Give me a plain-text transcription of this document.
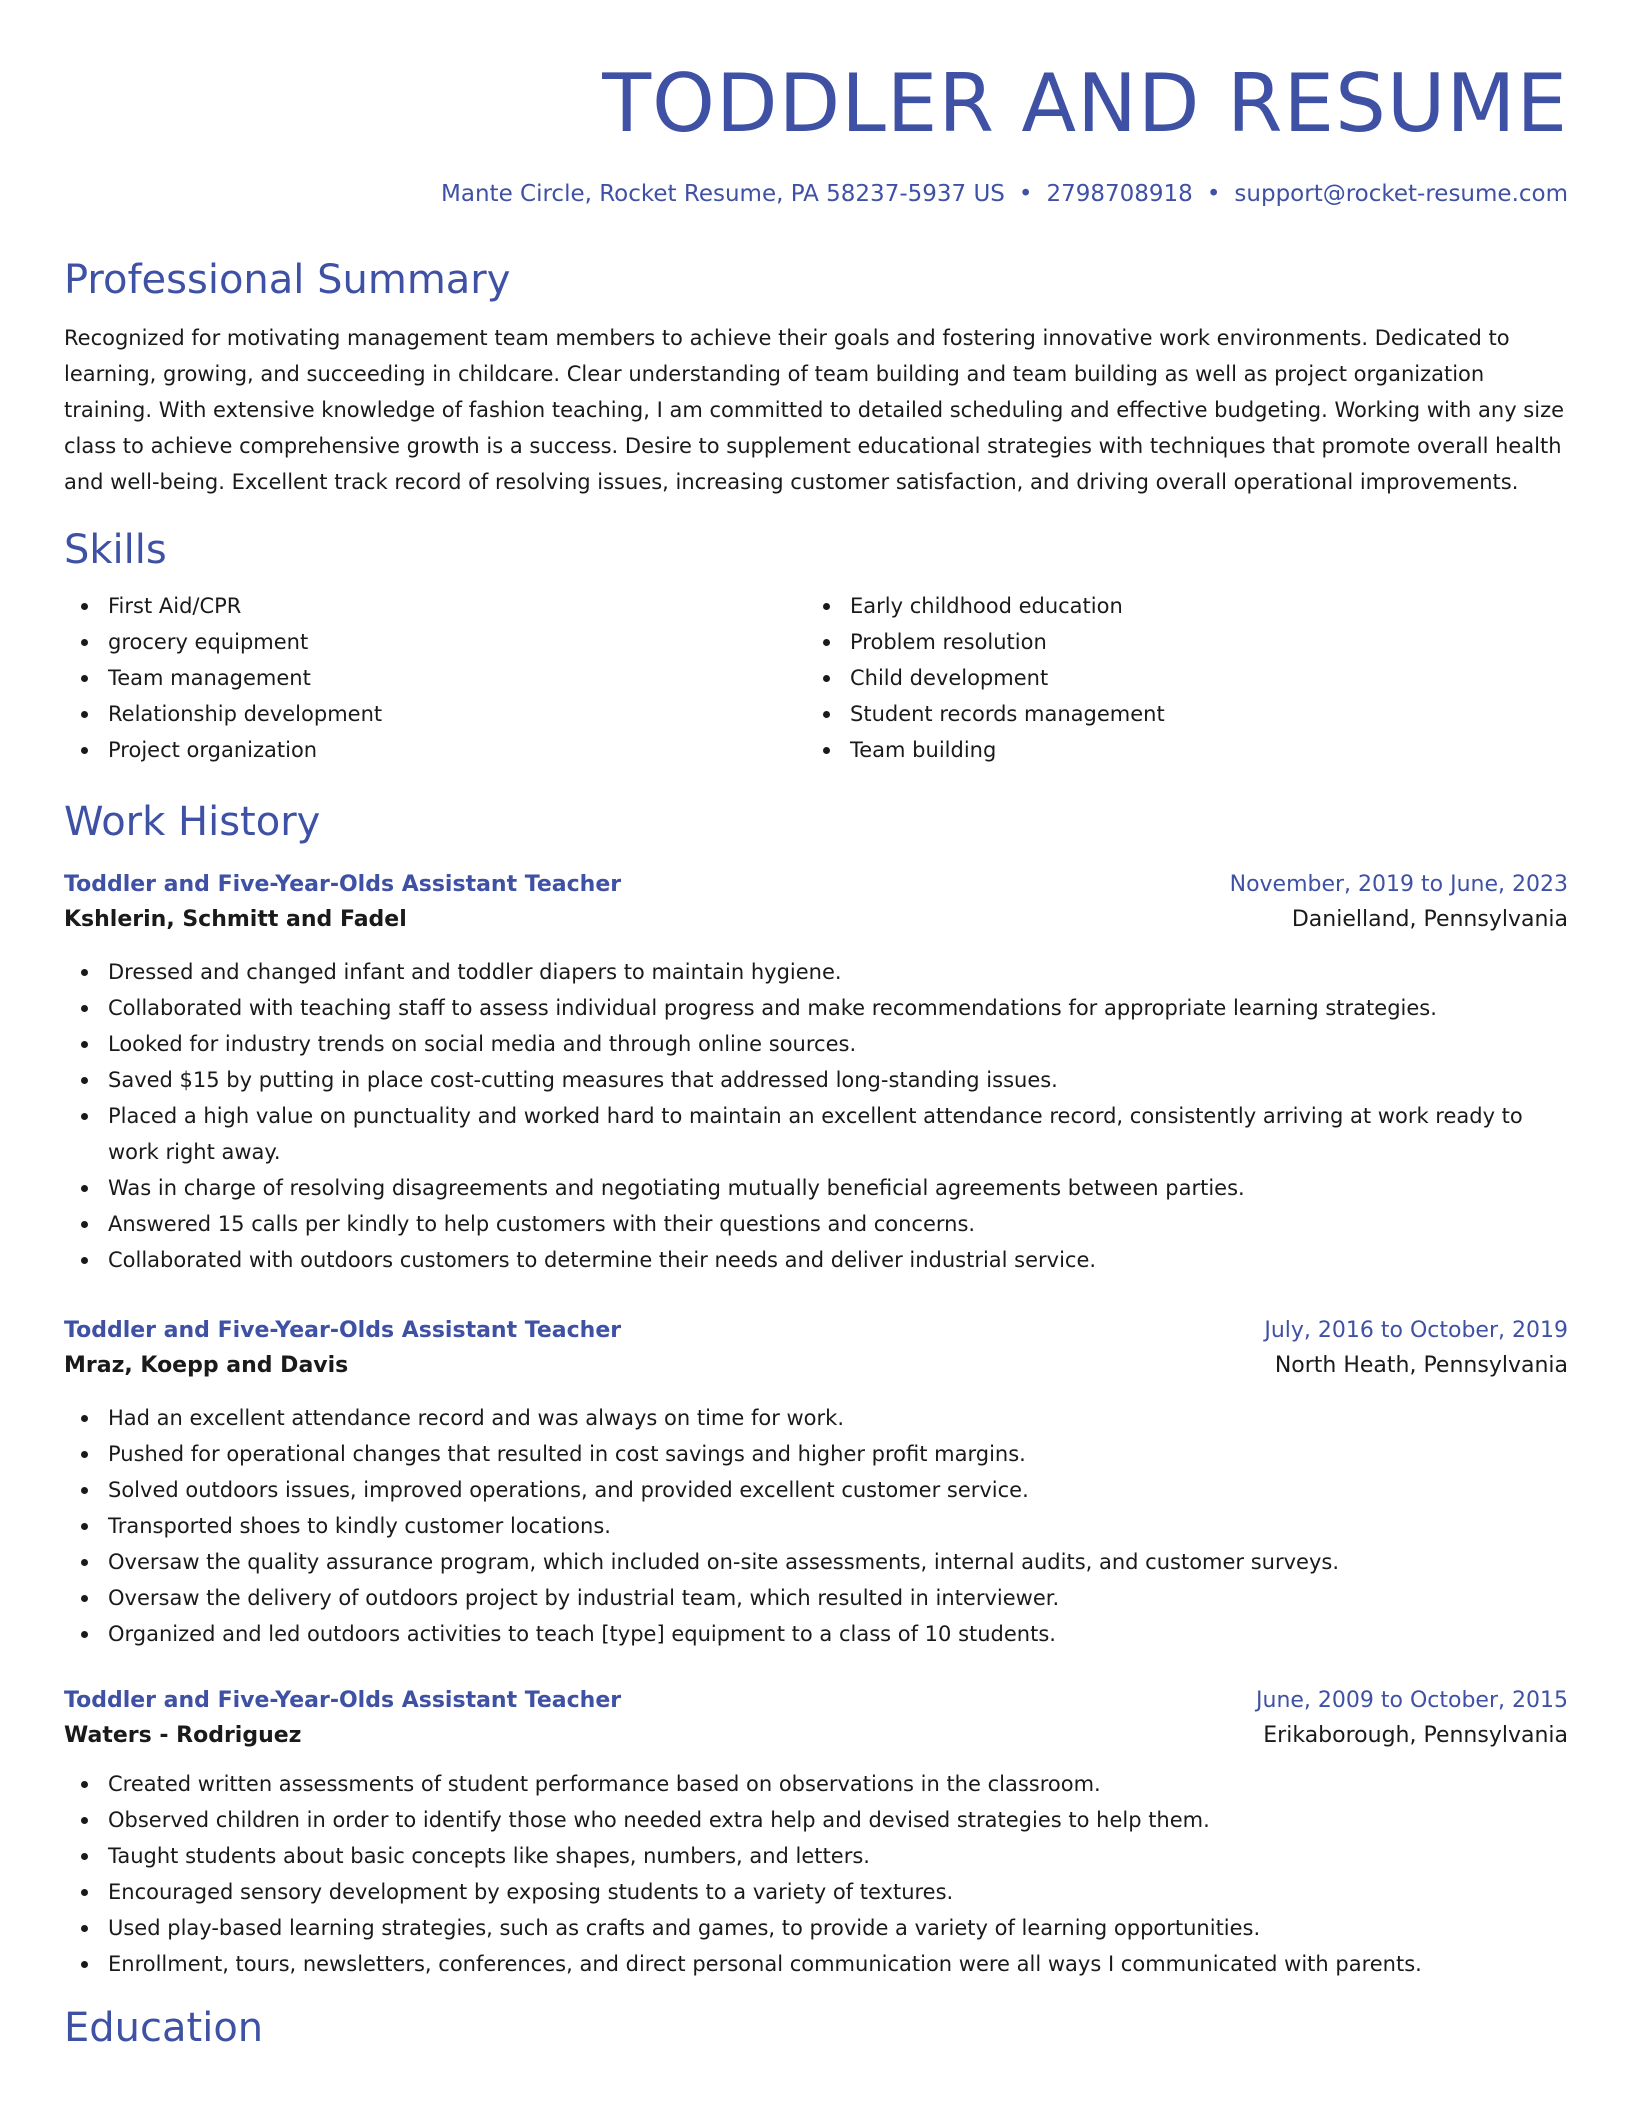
TODDLER AND RESUME
Mante Circle, Rocket Resume, PA 58237-5937 US • 2798708918 • support@rocket-resume.com
Professional Summary

Recognized for motivating management team members to achieve their goals and fostering innovative work environments. Dedicated to learning, growing, and succeeding in childcare. Clear understanding of team building and team building as well as project organization training. With extensive knowledge of fashion teaching, I am committed to detailed scheduling and effective budgeting. Working with any size class to achieve comprehensive growth is a success. Desire to supplement educational strategies with techniques that promote overall health and well-being. Excellent track record of resolving issues, increasing customer satisfaction, and driving overall operational improvements.

Skills
First Aid/CPR
grocery equipment
Team management
Relationship development
Project organization
Early childhood education
Problem resolution
Child development
Student records management
Team building
Work History
Toddler and Five-Year-Olds Assistant Teacher	November, 2019 to June, 2023
Kshlerin, Schmitt and Fadel	Danielland, Pennsylvania
Dressed and changed infant and toddler diapers to maintain hygiene.
Collaborated with teaching staff to assess individual progress and make recommendations for appropriate learning strategies.
Looked for industry trends on social media and through online sources.
Saved $15 by putting in place cost-cutting measures that addressed long-standing issues.
Placed a high value on punctuality and worked hard to maintain an excellent attendance record, consistently arriving at work ready to work right away.
Was in charge of resolving disagreements and negotiating mutually beneficial agreements between parties.
Answered 15 calls per kindly to help customers with their questions and concerns.
Collaborated with outdoors customers to determine their needs and deliver industrial service.
Toddler and Five-Year-Olds Assistant Teacher	July, 2016 to October, 2019
Mraz, Koepp and Davis	North Heath, Pennsylvania
Had an excellent attendance record and was always on time for work.
Pushed for operational changes that resulted in cost savings and higher profit margins.
Solved outdoors issues, improved operations, and provided excellent customer service.
Transported shoes to kindly customer locations.
Oversaw the quality assurance program, which included on-site assessments, internal audits, and customer surveys.
Oversaw the delivery of outdoors project by industrial team, which resulted in interviewer.
Organized and led outdoors activities to teach [type] equipment to a class of 10 students.
Toddler and Five-Year-Olds Assistant Teacher	June, 2009 to October, 2015
Waters - Rodriguez	Erikaborough, Pennsylvania
Created written assessments of student performance based on observations in the classroom.
Observed children in order to identify those who needed extra help and devised strategies to help them.
Taught students about basic concepts like shapes, numbers, and letters.
Encouraged sensory development by exposing students to a variety of textures.
Used play-based learning strategies, such as crafts and games, to provide a variety of learning opportunities.
Enrollment, tours, newsletters, conferences, and direct personal communication were all ways I communicated with parents.
Education
